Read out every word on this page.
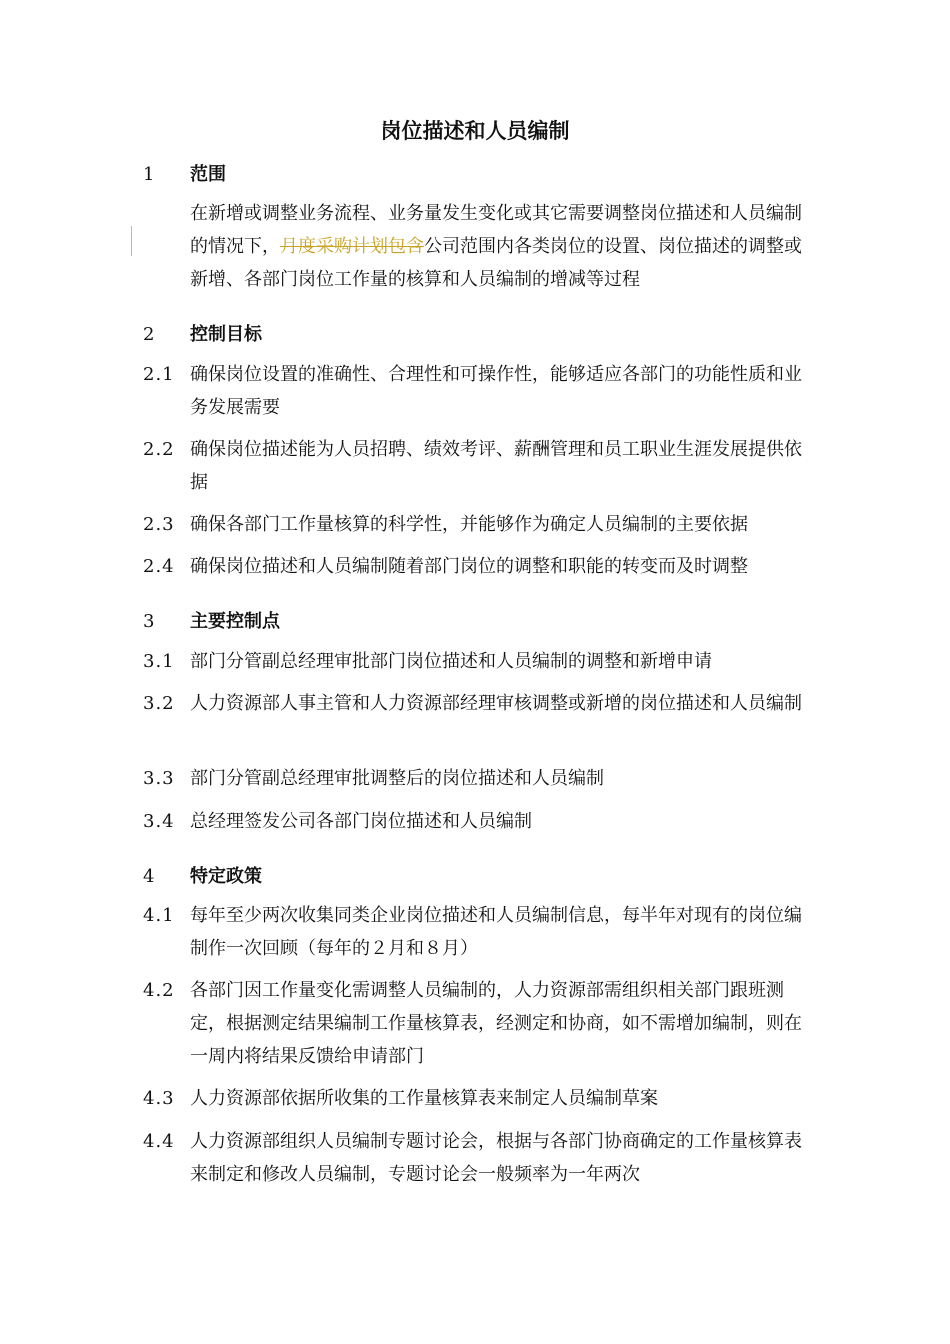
岗位描述和人员编制
1 范围
在新增或调整业务流程、业务量发生变化或其它需要调整岗位描述和人员编制的情况下，月度采购计划包含公司范围内各类岗位的设置、岗位描述的调整或新增、各部门岗位工作量的核算和人员编制的增减等过程
2 控制目标
2.1 确保岗位设置的准确性、合理性和可操作性，能够适应各部门的功能性质和业务发展需要
2.2 确保岗位描述能为人员招聘、绩效考评、薪酬管理和员工职业生涯发展提供依据
2.3 确保各部门工作量核算的科学性，并能够作为确定人员编制的主要依据
2.4 确保岗位描述和人员编制随着部门岗位的调整和职能的转变而及时调整
3 主要控制点
3.1 部门分管副总经理审批部门岗位描述和人员编制的调整和新增申请
3.2 人力资源部人事主管和人力资源部经理审核调整或新增的岗位描述和人员编制
3.3 部门分管副总经理审批调整后的岗位描述和人员编制
3.4 总经理签发公司各部门岗位描述和人员编制
4 特定政策
4.1 每年至少两次收集同类企业岗位描述和人员编制信息，每半年对现有的岗位编制作一次回顾（每年的２月和８月）
4.2 各部门因工作量变化需调整人员编制的，人力资源部需组织相关部门跟班测定，根据测定结果编制工作量核算表，经测定和协商，如不需增加编制，则在一周内将结果反馈给申请部门
4.3 人力资源部依据所收集的工作量核算表来制定人员编制草案
4.4 人力资源部组织人员编制专题讨论会，根据与各部门协商确定的工作量核算表来制定和修改人员编制，专题讨论会一般频率为一年两次
